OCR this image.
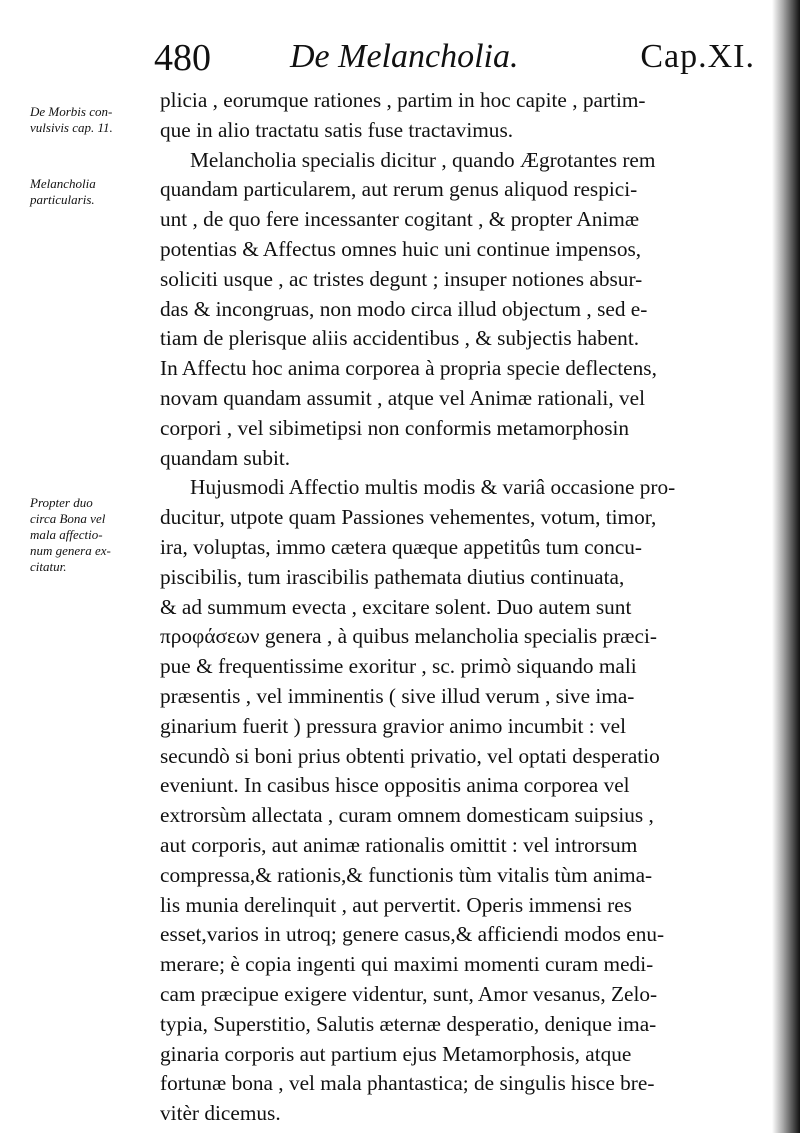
480 De Melancholia.	Cap.XI.
De Morbis con-
vulsivis cap. 11.
Melancholia
particularis.
Propter duo
circa Bona vel
mala affectio-
num genera ex-
citatur.
plicia , eorumque rationes , partim in hoc capite , partim-
que in alio tractatu satis fuse tractavimus.
Melancholia specialis dicitur , quando Ægrotantes rem
quandam particularem, aut rerum genus aliquod respici-
unt , de quo fere incessanter cogitant , & propter Animæ
potentias & Affectus omnes huic uni continue impensos,
soliciti usque , ac tristes degunt ; insuper notiones absur-
das & incongruas, non modo circa illud objectum , sed e-
tiam de plerisque aliis accidentibus , & subjectis habent.
In Affectu hoc anima corporea à propria specie deflectens,
novam quandam assumit , atque vel Animæ rationali, vel
corpori , vel sibimetipsi non conformis metamorphosin
quandam subit.
Hujusmodi Affectio multis modis & variâ occasione pro-
ducitur, utpote quam Passiones vehementes, votum, timor,
ira, voluptas, immo cætera quæque appetitûs tum concu-
piscibilis, tum irascibilis pathemata diutius continuata,
& ad summum evecta , excitare solent. Duo autem sunt
προφάσεων genera , à quibus melancholia specialis præci-
pue & frequentissime exoritur , sc. primò siquando mali
præsentis , vel imminentis ( sive illud verum , sive ima-
ginarium fuerit ) pressura gravior animo incumbit : vel
secundò si boni prius obtenti privatio, vel optati desperatio
eveniunt. In casibus hisce oppositis anima corporea vel
extrorsùm allectata , curam omnem domesticam suipsius ,
aut corporis, aut animæ rationalis omittit : vel introrsum
compressa,& rationis,& functionis tùm vitalis tùm anima-
lis munia derelinquit , aut pervertit. Operis immensi res
esset,varios in utroq; genere casus,& afficiendi modos enu-
merare; è copia ingenti qui maximi momenti curam medi-
cam præcipue exigere videntur, sunt, Amor vesanus, Zelo-
typia, Superstitio, Salutis æternæ desperatio, denique ima-
ginaria corporis aut partium ejus Metamorphosis, atque
fortunæ bona , vel mala phantastica; de singulis hisce bre-
vitèr dicemus.
